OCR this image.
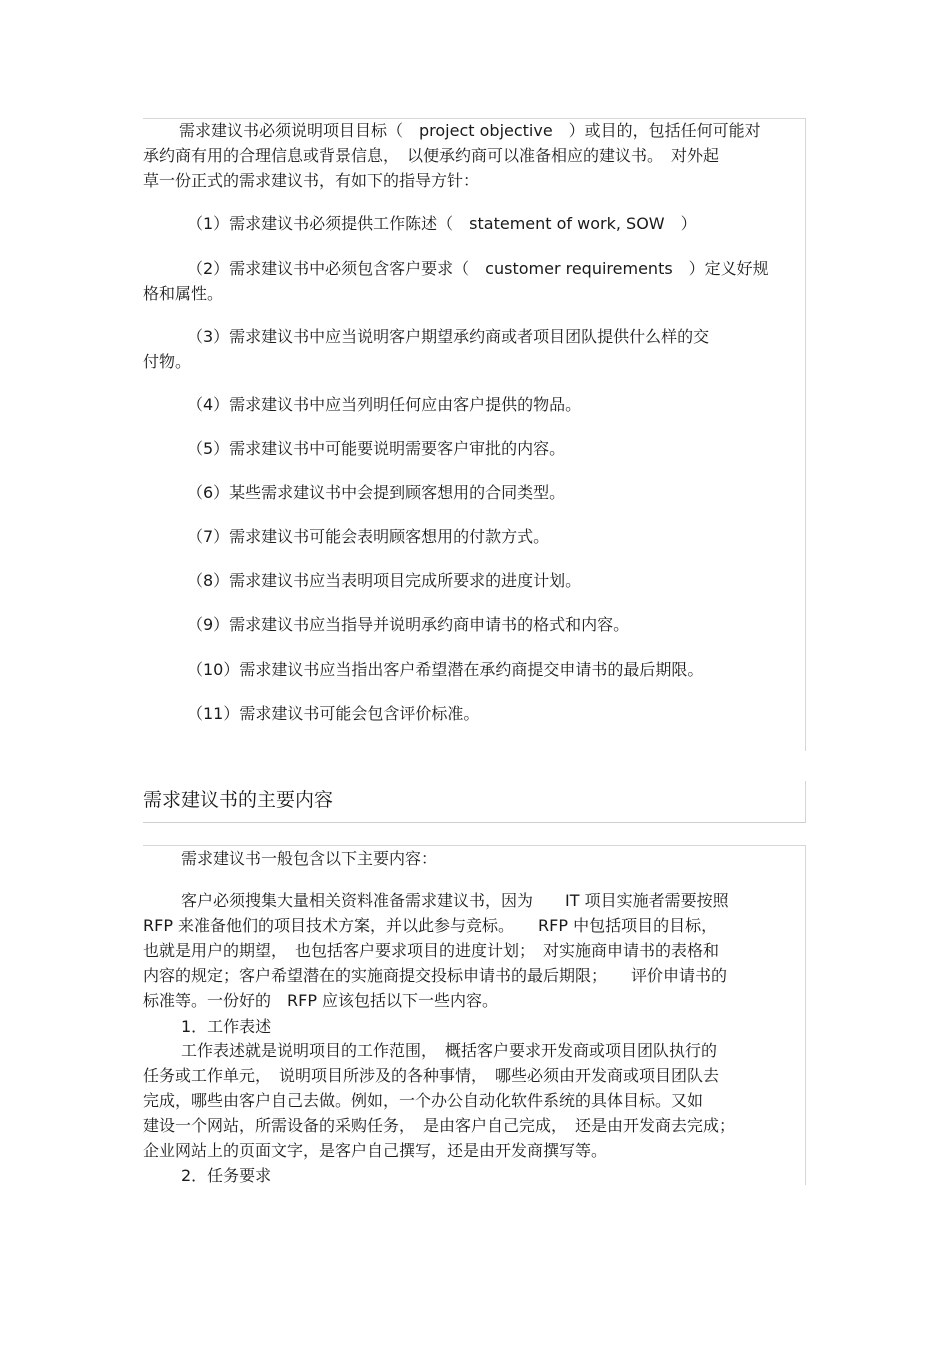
需求建议书必须说明项目目标（　project objective　）或目的，包括任何可能对
承约商有用的合理信息或背景信息，　以便承约商可以准备相应的建议书。　对外起
草一份正式的需求建议书，有如下的指导方针：
（1）需求建议书必须提供工作陈述（　statement of work, SOW　）
（2）需求建议书中必须包含客户要求（　customer requirements　）定义好规
格和属性。
（3）需求建议书中应当说明客户期望承约商或者项目团队提供什么样的交
付物。
（4）需求建议书中应当列明任何应由客户提供的物品。
（5）需求建议书中可能要说明需要客户审批的内容。
（6）某些需求建议书中会提到顾客想用的合同类型。
（7）需求建议书可能会表明顾客想用的付款方式。
（8）需求建议书应当表明项目完成所要求的进度计划。
（9）需求建议书应当指导并说明承约商申请书的格式和内容。
（10）需求建议书应当指出客户希望潜在承约商提交申请书的最后期限。
（11）需求建议书可能会包含评价标准。
需求建议书的主要内容
需求建议书一般包含以下主要内容：
客户必须搜集大量相关资料准备需求建议书，因为　　IT 项目实施者需要按照
RFP 来准备他们的项目技术方案，并以此参与竞标。　　RFP 中包括项目的目标，
也就是用户的期望，　也包括客户要求项目的进度计划；　对实施商申请书的表格和
内容的规定；客户希望潜在的实施商提交投标申请书的最后期限；　　评价申请书的
标准等。一份好的　RFP 应该包括以下一些内容。
1．工作表述
工作表述就是说明项目的工作范围，　概括客户要求开发商或项目团队执行的
任务或工作单元，　说明项目所涉及的各种事情，　哪些必须由开发商或项目团队去
完成，哪些由客户自己去做。例如，一个办公自动化软件系统的具体目标。又如
建设一个网站，所需设备的采购任务，　是由客户自己完成，　还是由开发商去完成；
企业网站上的页面文字，是客户自己撰写，还是由开发商撰写等。
2．任务要求
